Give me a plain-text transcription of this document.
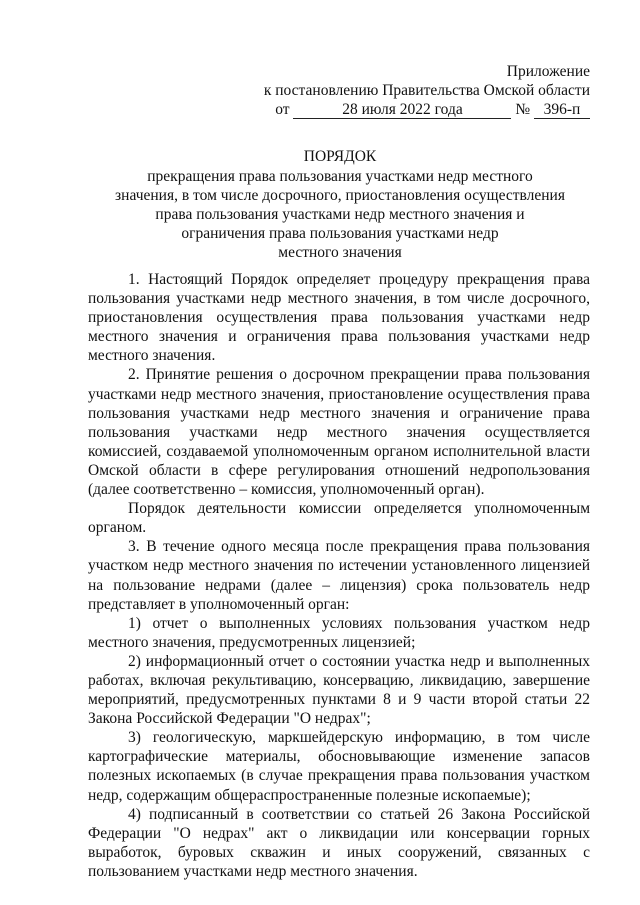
Приложение
к постановлению Правительства Омской области
от	28 июля 2022 года	№ 396-п
ПОРЯДОК
прекращения права пользования участками недр местного
значения, в том числе досрочного, приостановления осуществления
права пользования участками недр местного значения и
ограничения права пользования участками недр
местного значения

1. Настоящий Порядок определяет процедуру прекращения права пользования участками недр местного значения, в том числе досрочного, приостановления осуществления права пользования участками недр местного значения и ограничения права пользования участками недр местного значения.

2. Принятие решения о досрочном прекращении права пользования участками недр местного значения, приостановление осуществления права пользования участками недр местного значения и ограничение права пользования участками недр местного значения осуществляется комиссией, создаваемой уполномоченным органом исполнительной власти Омской области в сфере регулирования отношений недропользования (далее соответственно – комиссия, уполномоченный орган).

Порядок деятельности комиссии определяется уполномоченным органом.

3. В течение одного месяца после прекращения права пользования участком недр местного значения по истечении установленного лицензией на пользование недрами (далее – лицензия) срока пользователь недр представляет в уполномоченный орган:

1) отчет о выполненных условиях пользования участком недр местного значения, предусмотренных лицензией;

2) информационный отчет о состоянии участка недр и выполненных работах, включая рекультивацию, консервацию, ликвидацию, завершение мероприятий, предусмотренных пунктами 8 и 9 части второй статьи 22 Закона Российской Федерации "О недрах";

3) геологическую, маркшейдерскую информацию, в том числе картографические материалы, обосновывающие изменение запасов полезных ископаемых (в случае прекращения права пользования участком недр, содержащим общераспространенные полезные ископаемые);

4) подписанный в соответствии со статьей 26 Закона Российской Федерации "О недрах" акт о ликвидации или консервации горных выработок, буровых скважин и иных сооружений, связанных с пользованием участками недр местного значения.
